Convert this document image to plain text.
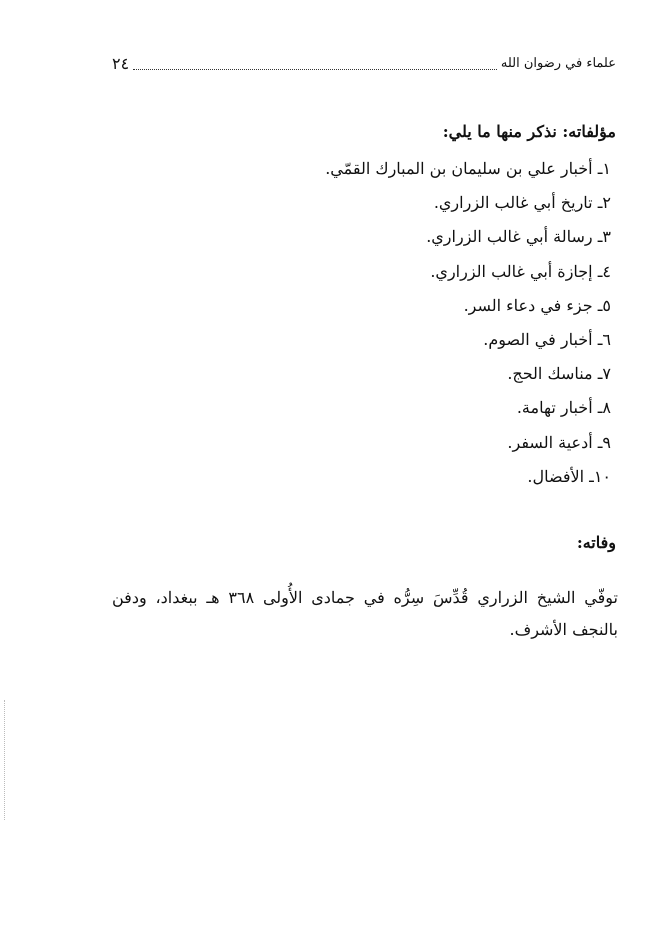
علماء في رضوان الله
٢٤
مؤلفاته: نذكر منها ما يلي:
١ـ أخبار علي بن سليمان بن المبارك القمّي.
٢ـ تاريخ أبي غالب الزراري.
٣ـ رسالة أبي غالب الزراري.
٤ـ إجازة أبي غالب الزراري.
٥ـ جزء في دعاء السر.
٦ـ أخبار في الصوم.
٧ـ مناسك الحج.
٨ـ أخبار تهامة.
٩ـ أدعية السفر.
١٠ـ الأفضال.
وفاته:

توفّي الشيخ الزراري قُدِّسَ سِرُّه في جمادى الأُولى ٣٦٨ هـ ببغداد، ودفن بالنجف الأشرف.
